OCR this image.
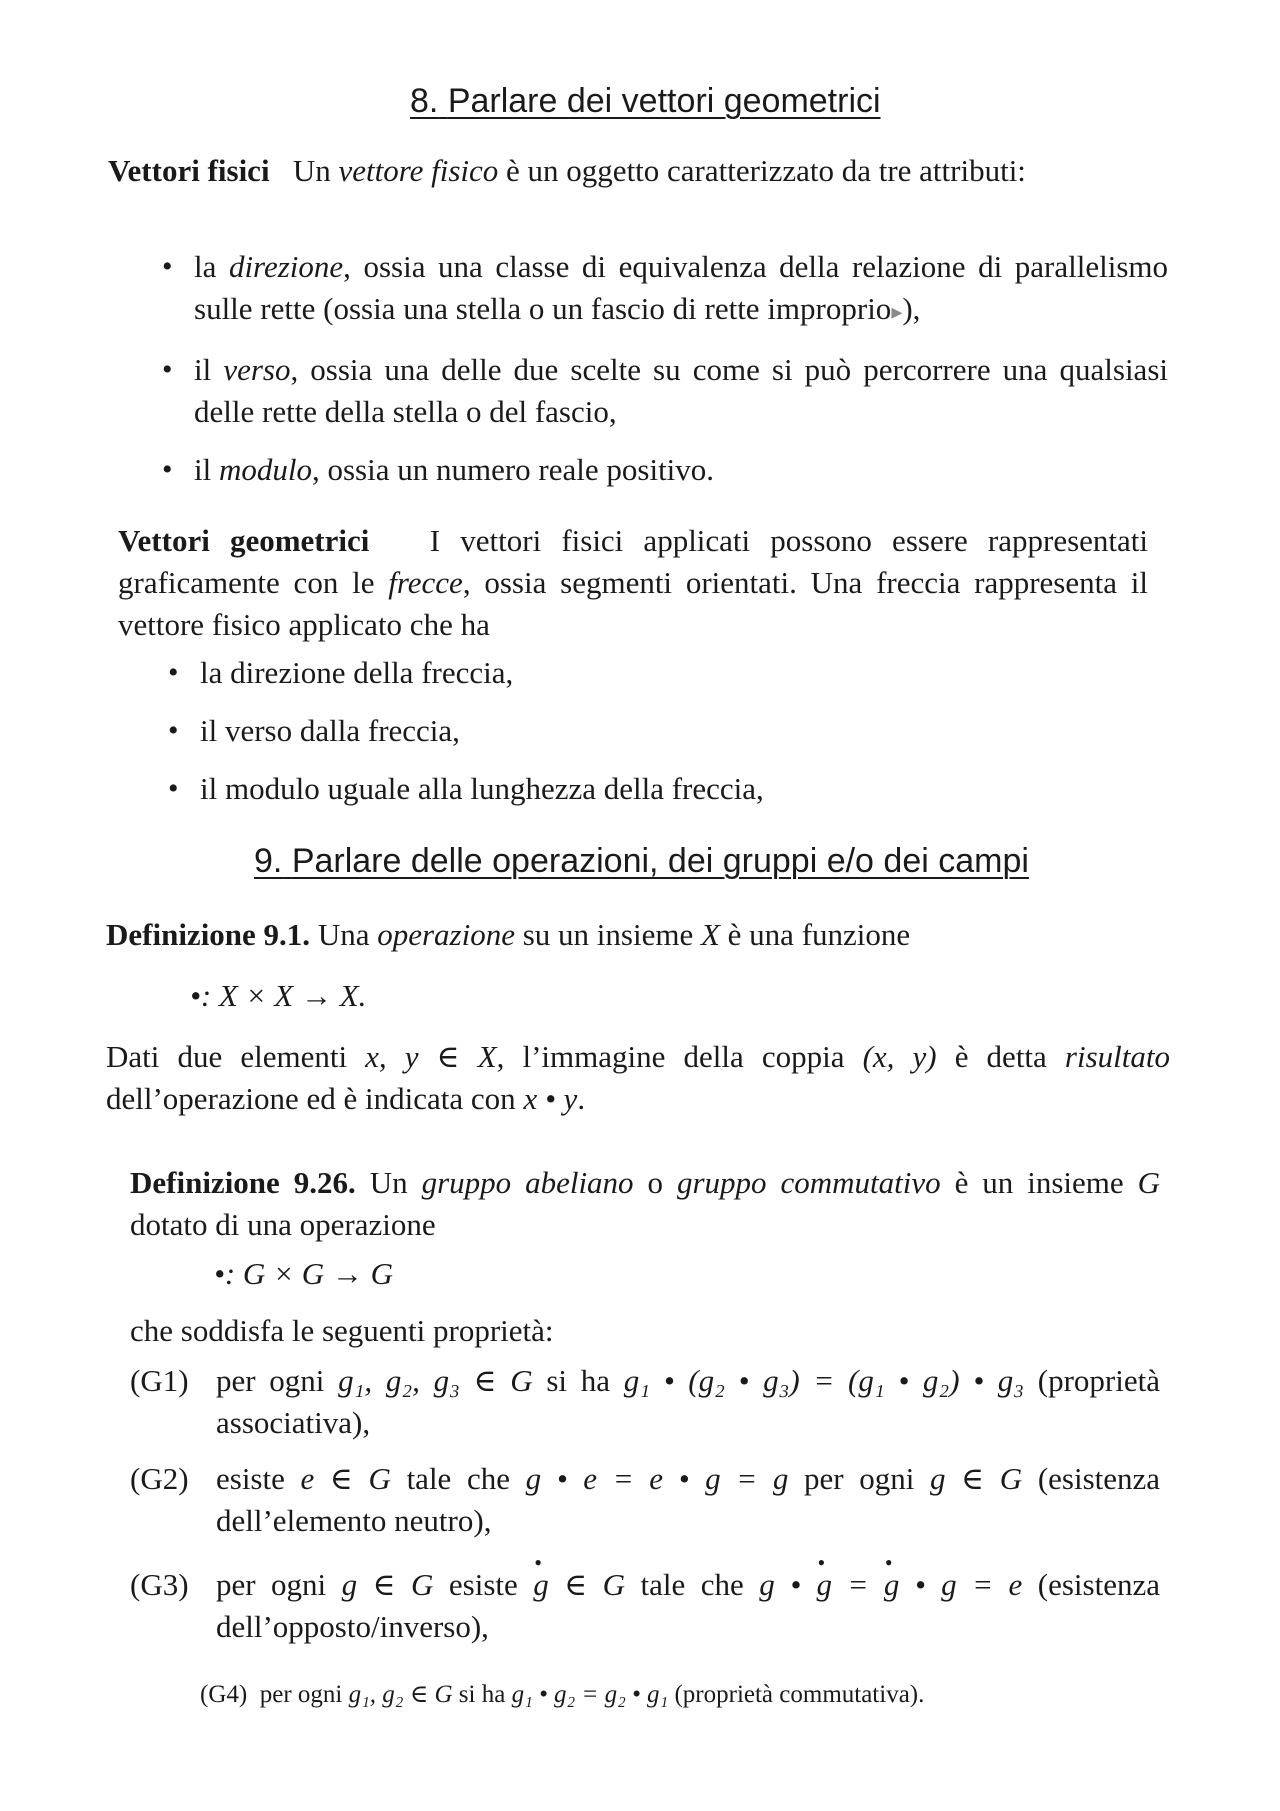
8. Parlare dei vettori geometrici
Vettori fisici Un vettore fisico è un oggetto caratterizzato da tre attributi:
• la direzione, ossia una classe di equivalenza della relazione di parallelismo sulle rette (ossia una stella o un fascio di rette improprio▸),
• il verso, ossia una delle due scelte su come si può percorrere una qualsiasi delle rette della stella o del fascio,
• il modulo, ossia un numero reale positivo.
Vettori geometrici I vettori fisici applicati possono essere rappresentati graficamente con le frecce, ossia segmenti orientati. Una freccia rappresenta il vettore fisico applicato che ha
• la direzione della freccia,
• il verso dalla freccia,
• il modulo uguale alla lunghezza della freccia,
9. Parlare delle operazioni, dei gruppi e/o dei campi
Definizione 9.1. Una operazione su un insieme X è una funzione
•: X × X → X.
Dati due elementi x, y ∈ X, l’immagine della coppia (x, y) è detta risultato dell’operazione ed è indicata con x • y.
Definizione 9.26. Un gruppo abeliano o gruppo commutativo è un insieme G dotato di una operazione
•: G × G → G
che soddisfa le seguenti proprietà:
(G1) per ogni g₁, g₂, g₃ ∈ G si ha g₁ • (g₂ • g₃) = (g₁ • g₂) • g₃ (proprietà associativa),
(G2) esiste e ∈ G tale che g • e = e • g = g per ogni g ∈ G (esistenza dell’elemento neutro),
(G3) per ogni g ∈ G esiste • g ∈ G tale che g • • g = • g • g = e (esistenza dell’opposto/inverso),
(G4) per ogni g₁, g₂ ∈ G si ha g₁ • g₂ = g₂ • g₁ (proprietà commutativa).
